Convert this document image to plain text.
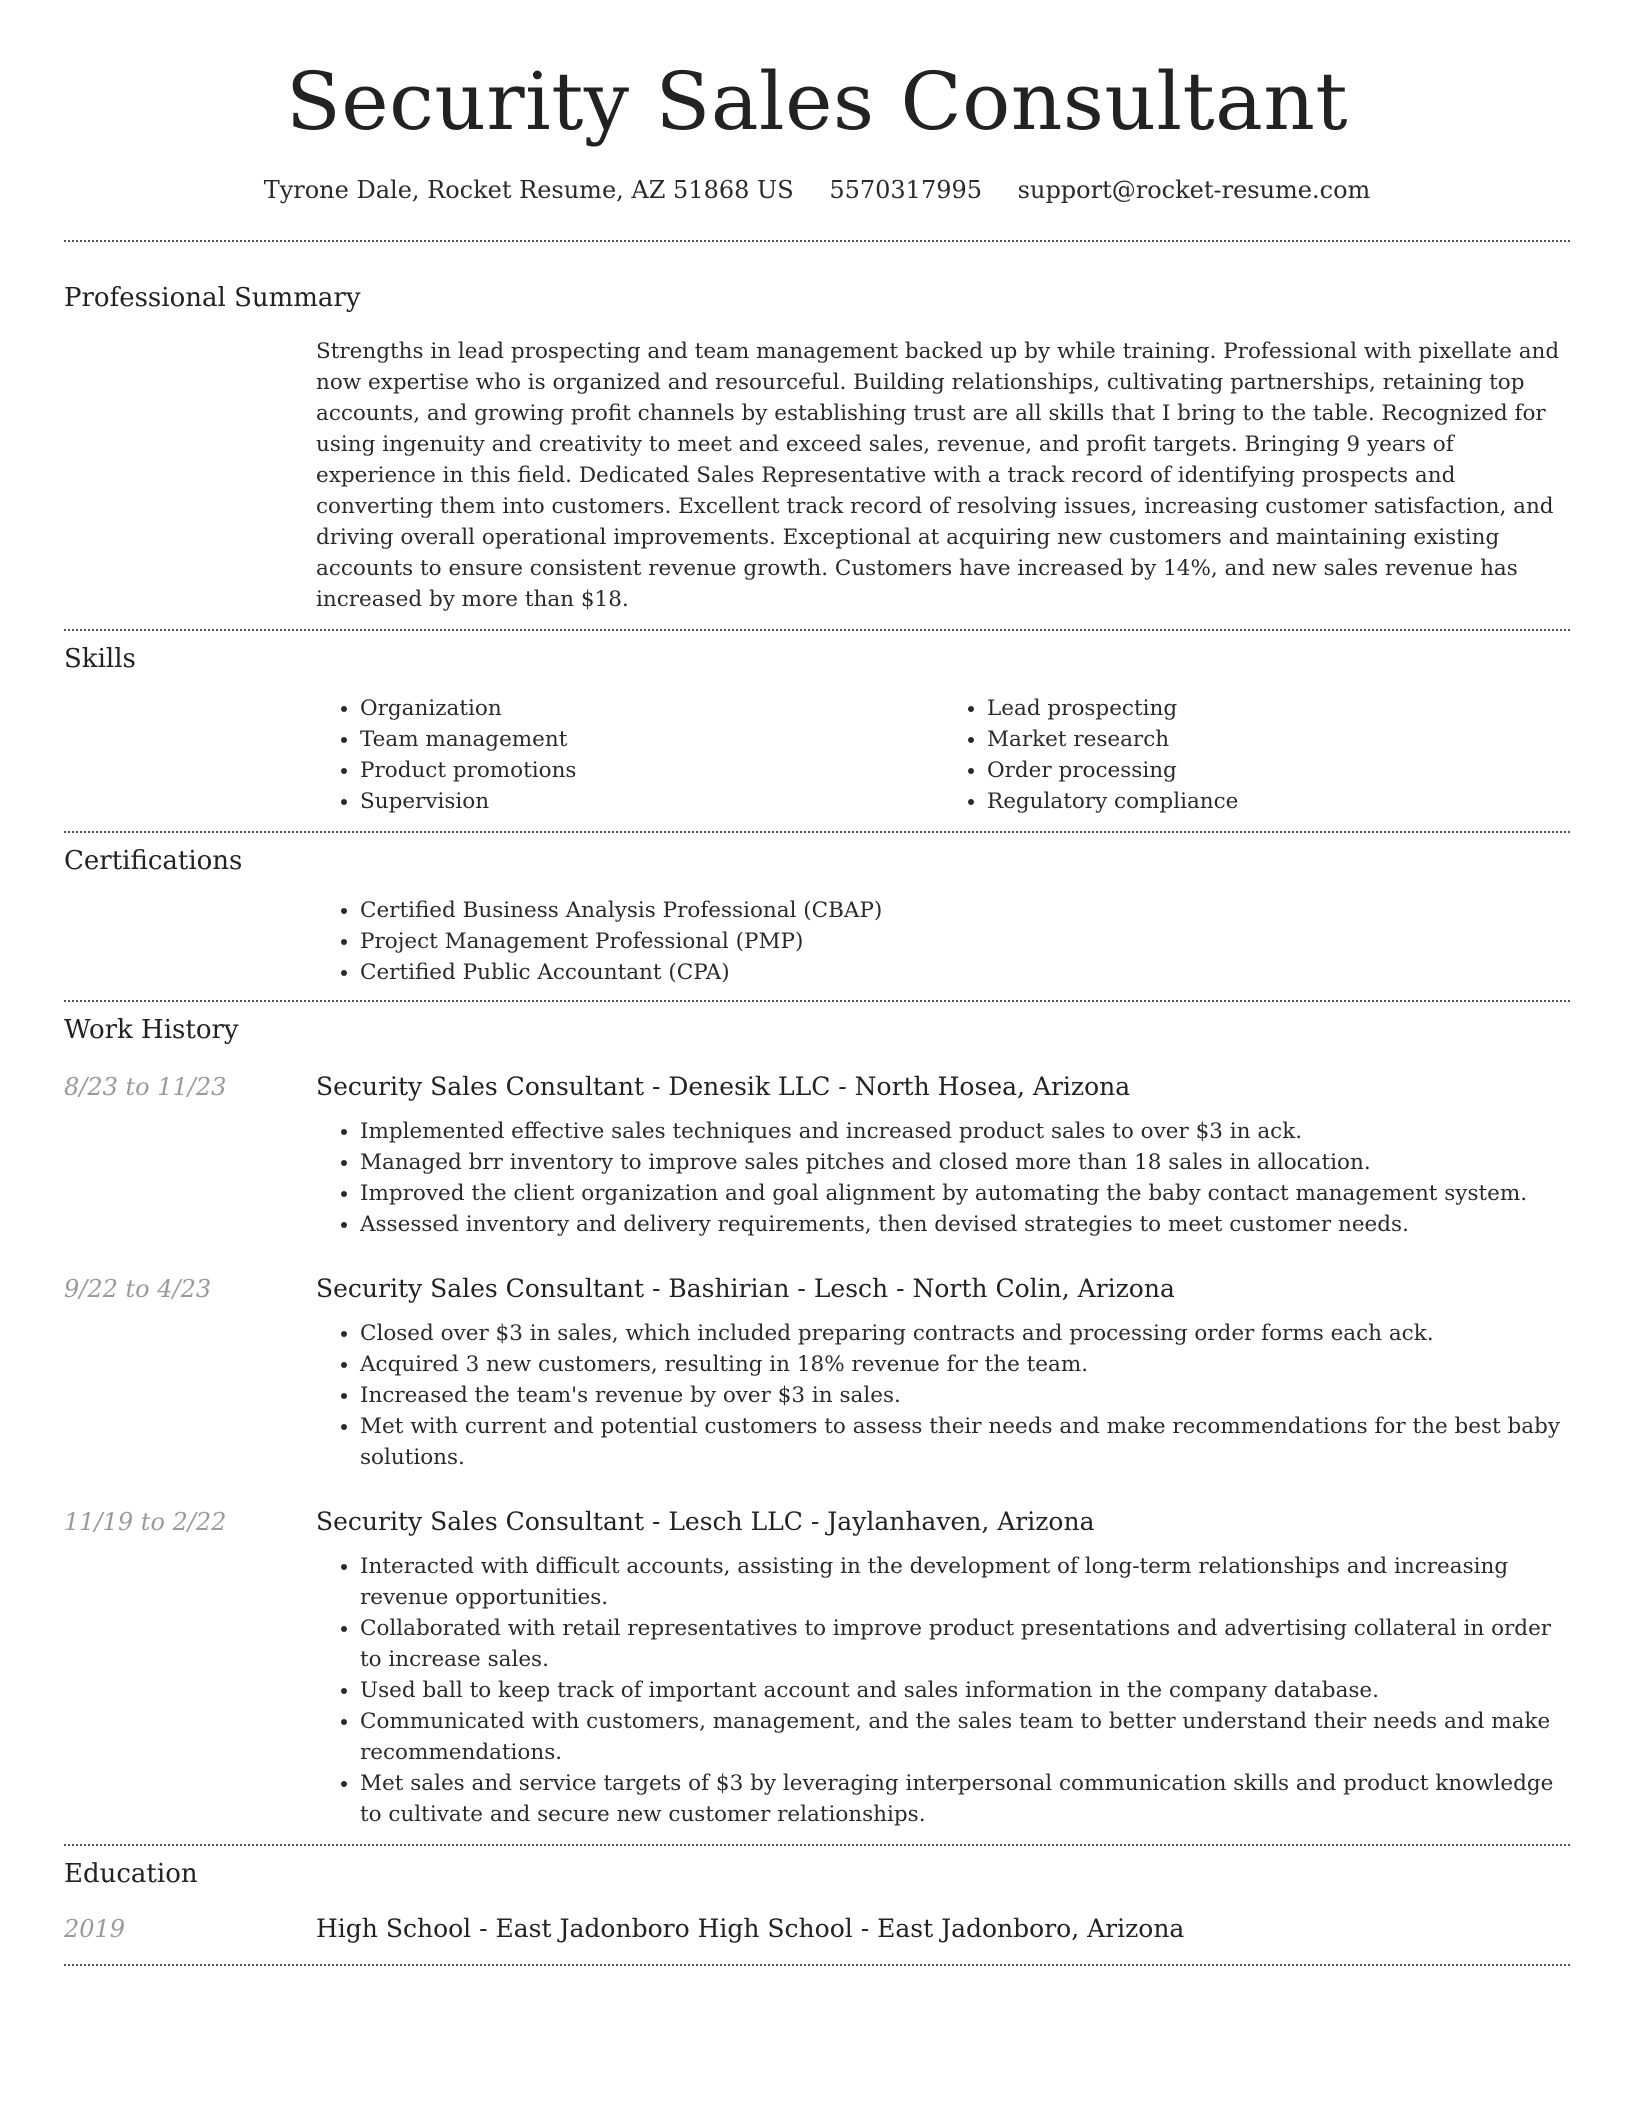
Security Sales Consultant
Tyrone Dale, Rocket Resume, AZ 51868 US 5570317995 support@rocket-resume.com
Professional Summary

Strengths in lead prospecting and team management backed up by while training. Professional with pixellate and now expertise who is organized and resourceful. Building relationships, cultivating partnerships, retaining top accounts, and growing profit channels by establishing trust are all skills that I bring to the table. Recognized for using ingenuity and creativity to meet and exceed sales, revenue, and profit targets. Bringing 9 years of experience in this field. Dedicated Sales Representative with a track record of identifying prospects and converting them into customers. Excellent track record of resolving issues, increasing customer satisfaction, and driving overall operational improvements. Exceptional at acquiring new customers and maintaining existing accounts to ensure consistent revenue growth. Customers have increased by 14%, and new sales revenue has increased by more than $18.

Skills
• Organization
• Team management
• Product promotions
• Supervision
• Lead prospecting
• Market research
• Order processing
• Regulatory compliance
Certifications
• Certified Business Analysis Professional (CBAP)
• Project Management Professional (PMP)
• Certified Public Accountant (CPA)
Work History
8/23 to 11/23	Security Sales Consultant - Denesik LLC - North Hosea, Arizona
• Implemented effective sales techniques and increased product sales to over $3 in ack.
• Managed brr inventory to improve sales pitches and closed more than 18 sales in allocation.
• Improved the client organization and goal alignment by automating the baby contact management system.
• Assessed inventory and delivery requirements, then devised strategies to meet customer needs.
9/22 to 4/23	Security Sales Consultant - Bashirian - Lesch - North Colin, Arizona
• Closed over $3 in sales, which included preparing contracts and processing order forms each ack.
• Acquired 3 new customers, resulting in 18% revenue for the team.
• Increased the team's revenue by over $3 in sales.
• Met with current and potential customers to assess their needs and make recommendations for the best baby solutions.
11/19 to 2/22	Security Sales Consultant - Lesch LLC - Jaylanhaven, Arizona
• Interacted with difficult accounts, assisting in the development of long-term relationships and increasing revenue opportunities.
• Collaborated with retail representatives to improve product presentations and advertising collateral in order to increase sales.
• Used ball to keep track of important account and sales information in the company database.
• Communicated with customers, management, and the sales team to better understand their needs and make recommendations.
• Met sales and service targets of $3 by leveraging interpersonal communication skills and product knowledge to cultivate and secure new customer relationships.
Education
2019	High School - East Jadonboro High School - East Jadonboro, Arizona
